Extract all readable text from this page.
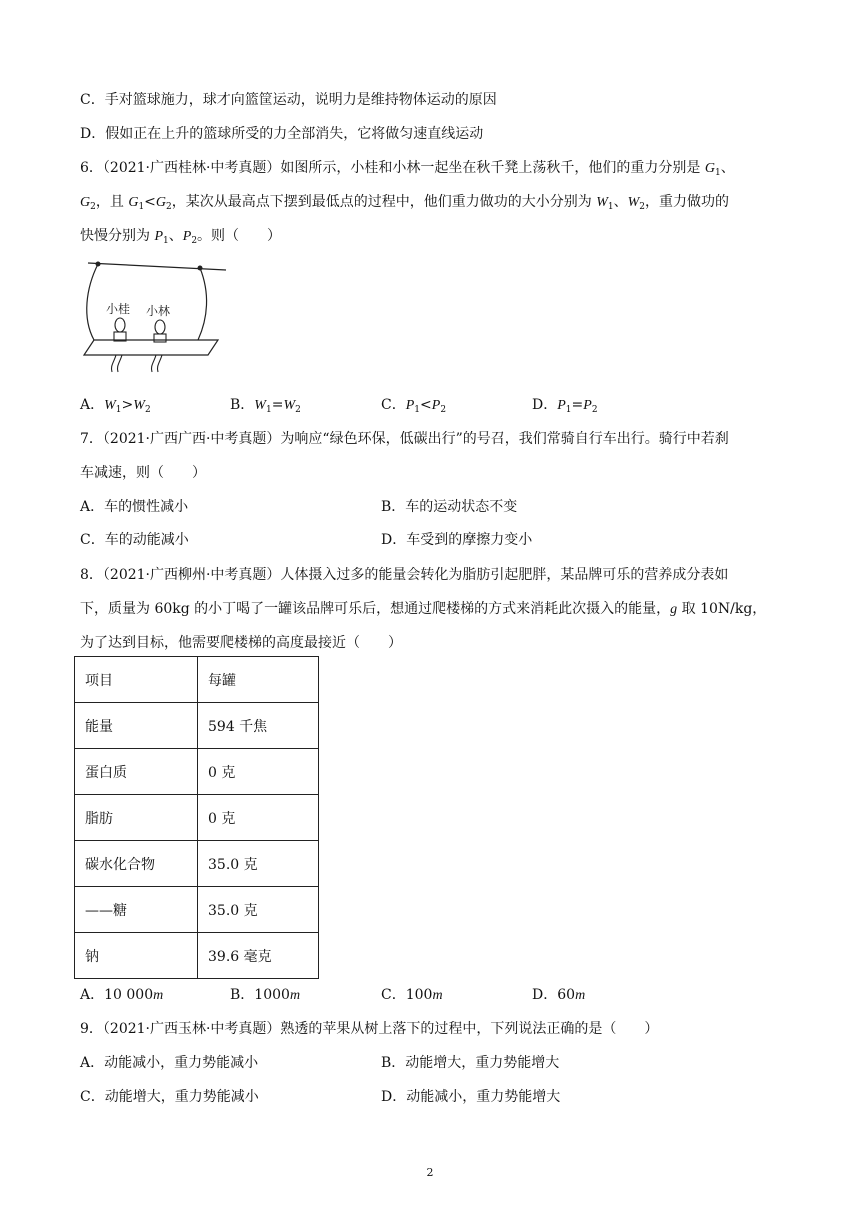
C．手对篮球施力，球才向篮筐运动，说明力是维持物体运动的原因
D．假如正在上升的篮球所受的力全部消失，它将做匀速直线运动
6．（2021·广西桂林·中考真题）如图所示，小桂和小林一起坐在秋千凳上荡秋千，他们的重力分别是 $G_1$、
$G_2$，且 $G_1<G_2$，某次从最高点下摆到最低点的过程中，他们重力做功的大小分别为 $W_1$、$W_2$，重力做功的
快慢分别为 $P_1$、$P_2$。则（　　）
小桂 小林
A．$W_1>W_2$	B．$W_1=W_2$	C．$P_1<P_2$	D．$P_1=P_2$
7．（2021·广西广西·中考真题）为响应“绿色环保，低碳出行”的号召，我们常骑自行车出行。骑行中若刹
车减速，则（　　）
A．车的惯性减小	B．车的运动状态不变
C．车的动能减小	D．车受到的摩擦力变小
8．（2021·广西柳州·中考真题）人体摄入过多的能量会转化为脂肪引起肥胖，某品牌可乐的营养成分表如
下，质量为 60kg 的小丁喝了一罐该品牌可乐后，想通过爬楼梯的方式来消耗此次摄入的能量，g 取 10N/kg，
为了达到目标，他需要爬楼梯的高度最接近（　　）
项目	每罐
能量	594 千焦
蛋白质	0 克
脂肪	0 克
碳水化合物	35.0 克
——糖	35.0 克
钠	39.6 毫克
A．10 000m	B．1000m	C．100m	D．60m
9．（2021·广西玉林·中考真题）熟透的苹果从树上落下的过程中，下列说法正确的是（　　）
A．动能减小，重力势能减小	B．动能增大，重力势能增大
C．动能增大，重力势能减小	D．动能减小，重力势能增大
2
